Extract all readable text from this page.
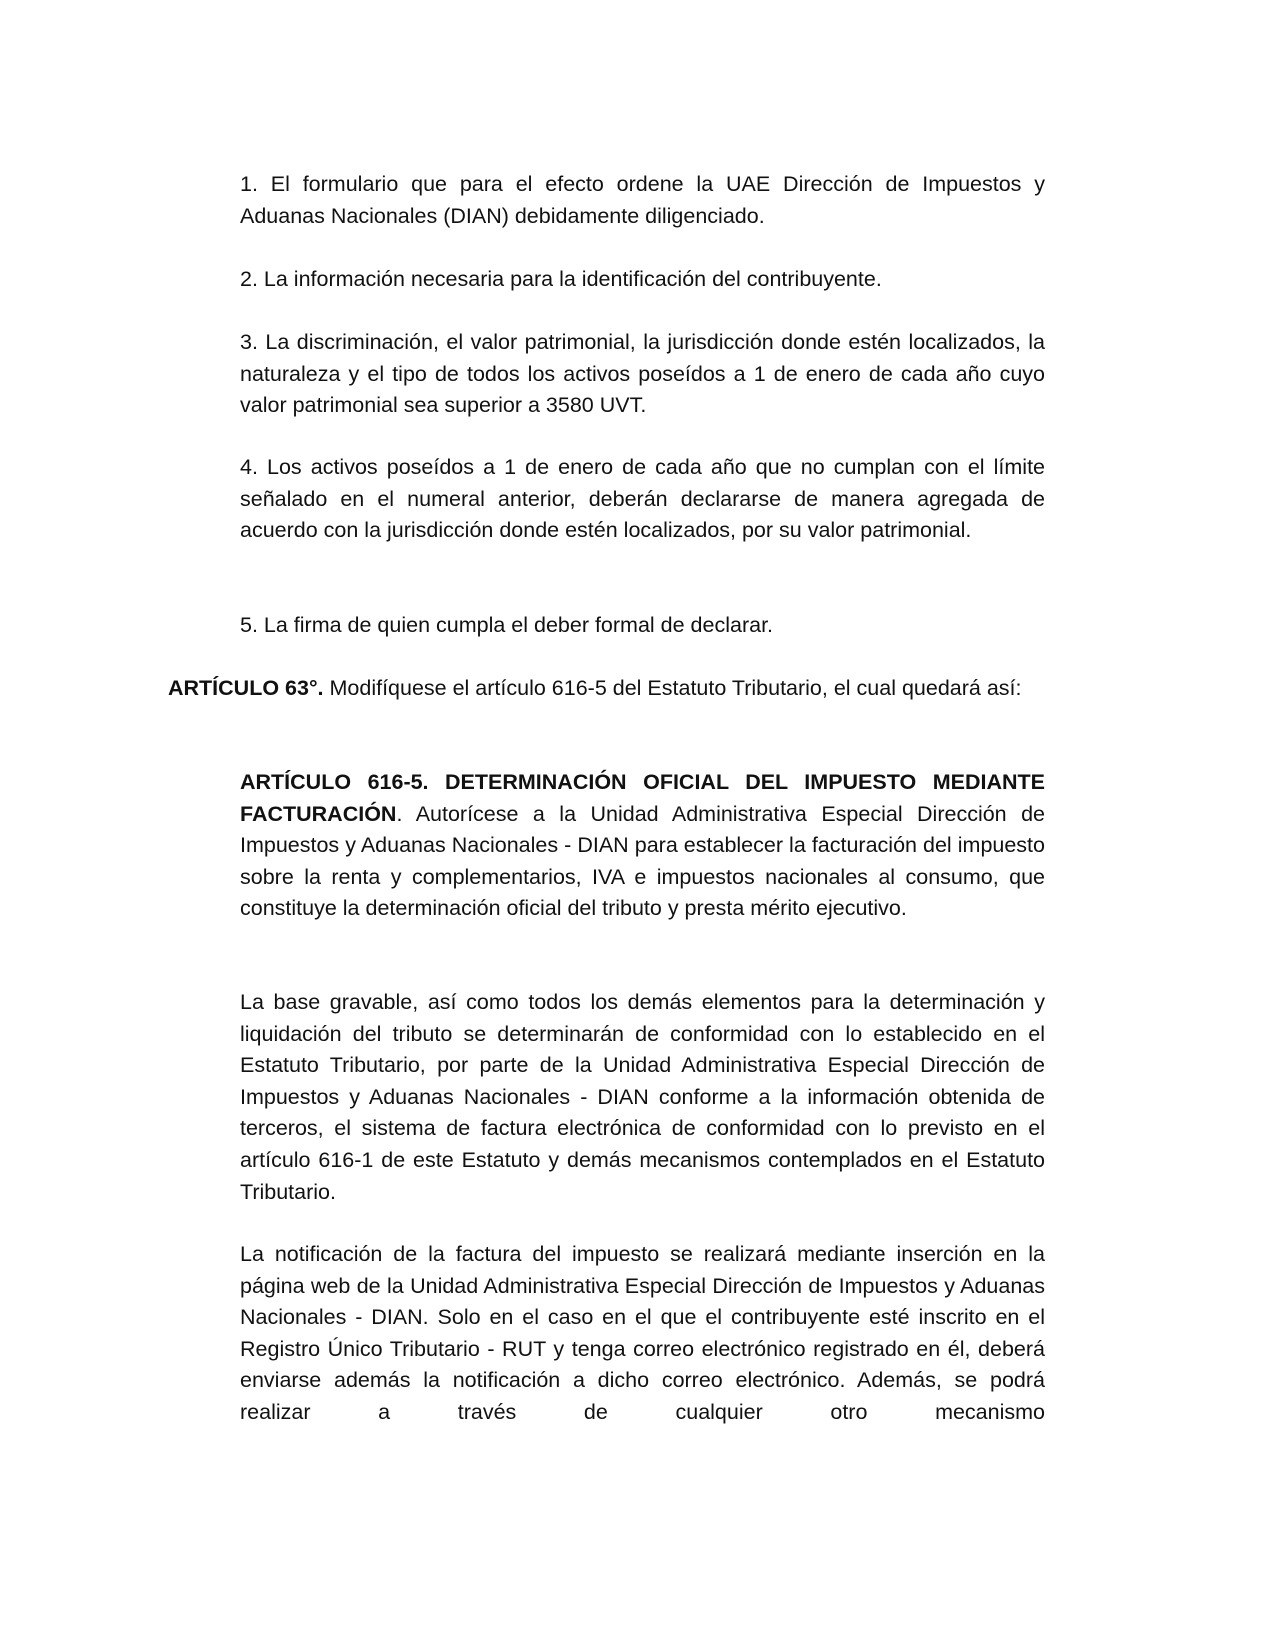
1. El formulario que para el efecto ordene la UAE Dirección de Impuestos y Aduanas Nacionales (DIAN) debidamente diligenciado.

2. La información necesaria para la identificación del contribuyente.

3. La discriminación, el valor patrimonial, la jurisdicción donde estén localizados, la naturaleza y el tipo de todos los activos poseídos a 1 de enero de cada año cuyo valor patrimonial sea superior a 3580 UVT.

4. Los activos poseídos a 1 de enero de cada año que no cumplan con el límite señalado en el numeral anterior, deberán declararse de manera agregada de acuerdo con la jurisdicción donde estén localizados, por su valor patrimonial.

5. La firma de quien cumpla el deber formal de declarar.

ARTÍCULO 63°. Modifíquese el artículo 616-5 del Estatuto Tributario, el cual quedará así:

ARTÍCULO 616-5. DETERMINACIÓN OFICIAL DEL IMPUESTO MEDIANTE FACTURACIÓN. Autorícese a la Unidad Administrativa Especial Dirección de Impuestos y Aduanas Nacionales - DIAN para establecer la facturación del impuesto sobre la renta y complementarios, IVA e impuestos nacionales al consumo, que constituye la determinación oficial del tributo y presta mérito ejecutivo.

La base gravable, así como todos los demás elementos para la determinación y liquidación del tributo se determinarán de conformidad con lo establecido en el Estatuto Tributario, por parte de la Unidad Administrativa Especial Dirección de Impuestos y Aduanas Nacionales - DIAN conforme a la información obtenida de terceros, el sistema de factura electrónica de conformidad con lo previsto en el artículo 616-1 de este Estatuto y demás mecanismos contemplados en el Estatuto Tributario.

La notificación de la factura del impuesto se realizará mediante inserción en la página web de la Unidad Administrativa Especial Dirección de Impuestos y Aduanas Nacionales - DIAN. Solo en el caso en el que el contribuyente esté inscrito en el Registro Único Tributario - RUT y tenga correo electrónico registrado en él, deberá enviarse además la notificación a dicho correo electrónico. Además, se podrá realizar a través de cualquier otro mecanismo
